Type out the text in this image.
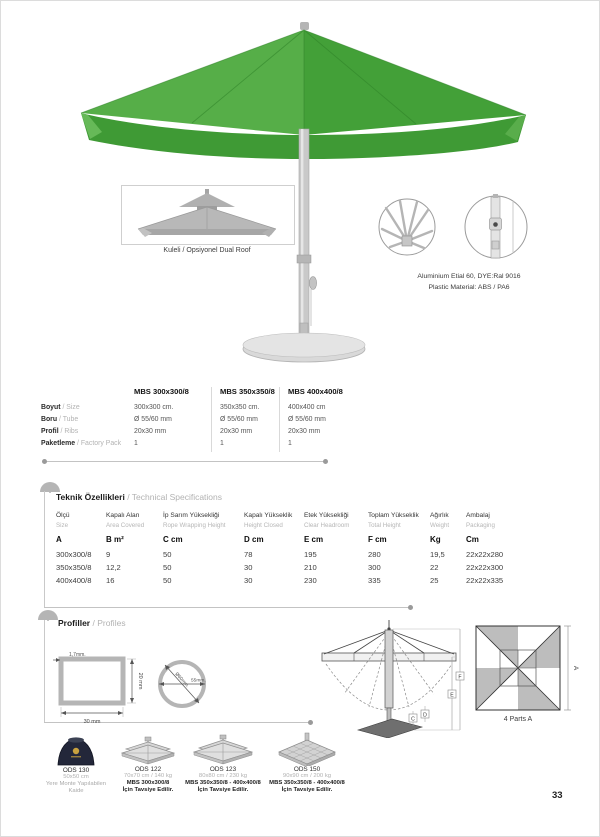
Kuleli / Opsiyonel Dual Roof
Aluminium Etial 60, DYE:Ral 9016
Plastic Material: ABS / PA6
Boyut / Size
Boru / Tube
Profil / Ribs
Paketleme / Factory Pack
MBS 300x300/8
300x300 cm.
Ø 55/60 mm
20x30 mm
1
MBS 350x350/8
350x350 cm.
Ø 55/60 mm
20x30 mm
1
MBS 400x400/8
400x400 cm
Ø 55/60 mm
20x30 mm
1
Teknik Özellikleri / Technical Specifications
Ölçü
Size
A
300x300/8
350x350/8
400x400/8
Kapalı Alan
Area Covered
B m²
9
12,2
16
İp Sarım Yüksekliği
Rope Wrapping Height
C cm
50
50
50
Kapalı Yükseklik
Height Closed
D cm
78
30
30
Etek Yüksekliği
Clear Headroom
E cm
195
210
230
Toplam Yükseklik
Total Height
F cm
280
300
335
Ağırlık
Weight
Kg
19,5
22
25
Ambalaj
Packaging
Cm
22x22x280
22x22x300
22x22x335
Profiller / Profiles
1,7mm.
30 mm
20 mm	Ø60mm. 55mm.
F
E
C
D
A
4 Parts A
ODS 130
50x50 cm
Yere Monte Yapılabilen
Kaide
ODS 122
70x70 cm / 140 kg
MBS 300x300/8
İçin Tavsiye Edilir.
ODS 123
80x80 cm / 230 kg
MBS 350x350/8 - 400x400/8
İçin Tavsiye Edilir.
ODS 150
90x90 cm / 200 kg
MBS 350x350/8 - 400x400/8
İçin Tavsiye Edilir.
33
